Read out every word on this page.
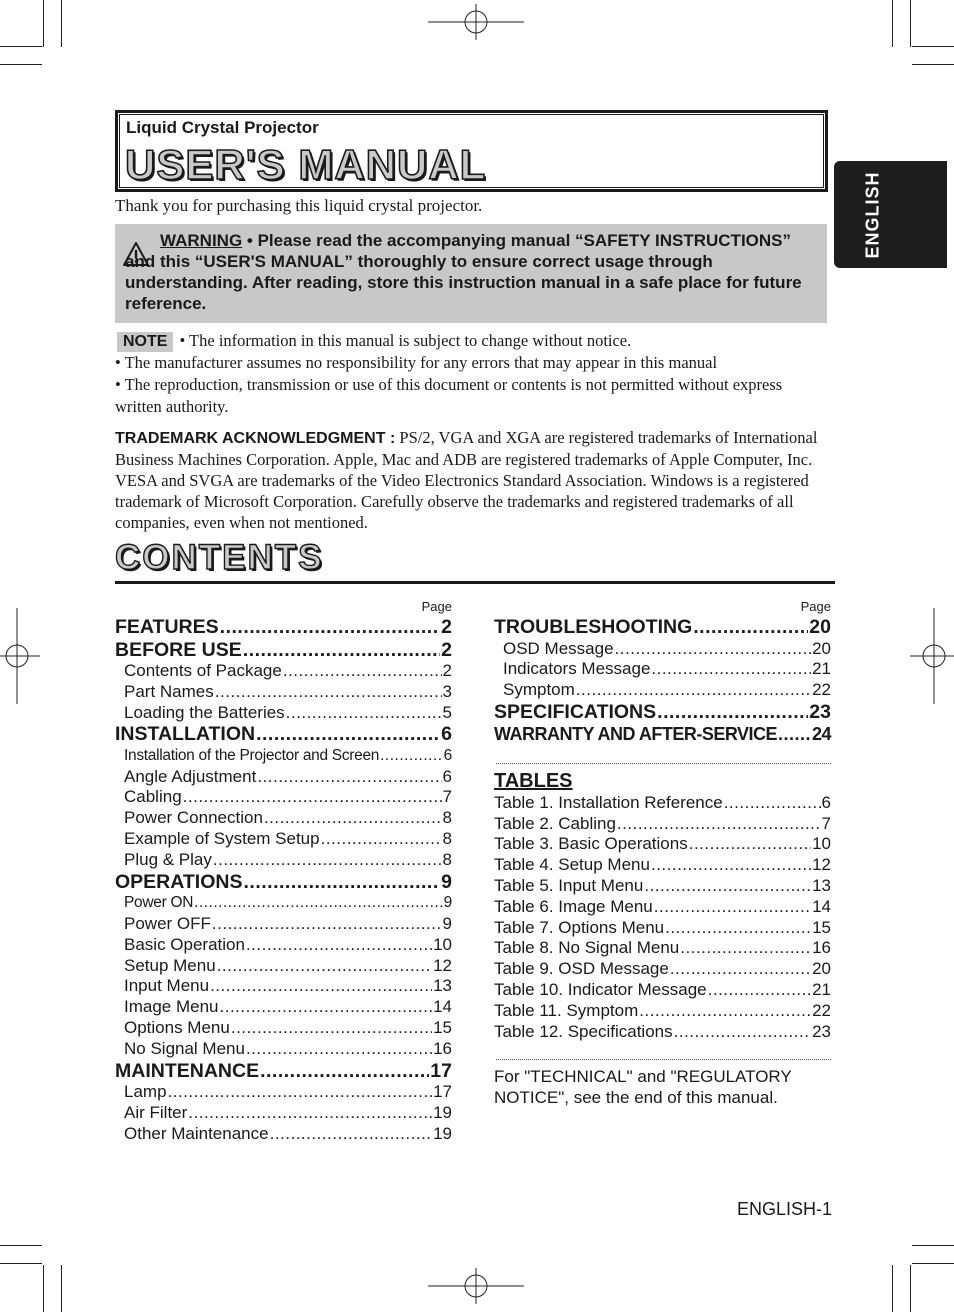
Liquid Crystal Projector
USER'S MANUAL
ENGLISH
Thank you for purchasing this liquid crystal projector.
WARNING • Please read the accompanying manual “SAFETY INSTRUCTIONS” and this “USER'S MANUAL” thoroughly to ensure correct usage through understanding. After reading, store this instruction manual in a safe place for future reference.
NOTE • The information in this manual is subject to change without notice.
• The manufacturer assumes no responsibility for any errors that may appear in this manual
• The reproduction, transmission or use of this document or contents is not permitted without express written authority.
TRADEMARK ACKNOWLEDGMENT : PS/2, VGA and XGA are registered trademarks of International Business Machines Corporation. Apple, Mac and ADB are registered trademarks of Apple Computer, Inc. VESA and SVGA are trademarks of the Video Electronics Standard Association. Windows is a registered trademark of Microsoft Corporation. Carefully observe the trademarks and registered trademarks of all companies, even when not mentioned.
CONTENTS
Page
FEATURES .....	2
BEFORE USE .....	2
Contents of Package .....	2
Part Names .....	3
Loading the Batteries .....	5
INSTALLATION .....	6
Installation of the Projector and Screen .....	6
Angle Adjustment .....	6
Cabling .....	7
Power Connection .....	8
Example of System Setup .....	8
Plug & Play .....	8
OPERATIONS .....	9
Power ON .....	9
Power OFF .....	9
Basic Operation .....	10
Setup Menu .....	12
Input Menu .....	13
Image Menu .....	14
Options Menu .....	15
No Signal Menu .....	16
MAINTENANCE .....	17
Lamp .....	17
Air Filter .....	19
Other Maintenance .....	19
Page
TROUBLESHOOTING .....	20
OSD Message .....	20
Indicators Message .....	21
Symptom .....	22
SPECIFICATIONS .....	23
WARRANTY AND AFTER-SERVICE ..... 24
TABLES
Table 1. Installation Reference .....	6
Table 2. Cabling .....	7
Table 3. Basic Operations .....	10
Table 4. Setup Menu .....	12
Table 5. Input Menu .....	13
Table 6. Image Menu .....	14
Table 7. Options Menu .....	15
Table 8. No Signal Menu .....	16
Table 9. OSD Message .....	20
Table 10. Indicator Message .....	21
Table 11. Symptom .....	22
Table 12. Specifications .....	23
For "TECHNICAL" and "REGULATORY NOTICE", see the end of this manual.
ENGLISH-1
